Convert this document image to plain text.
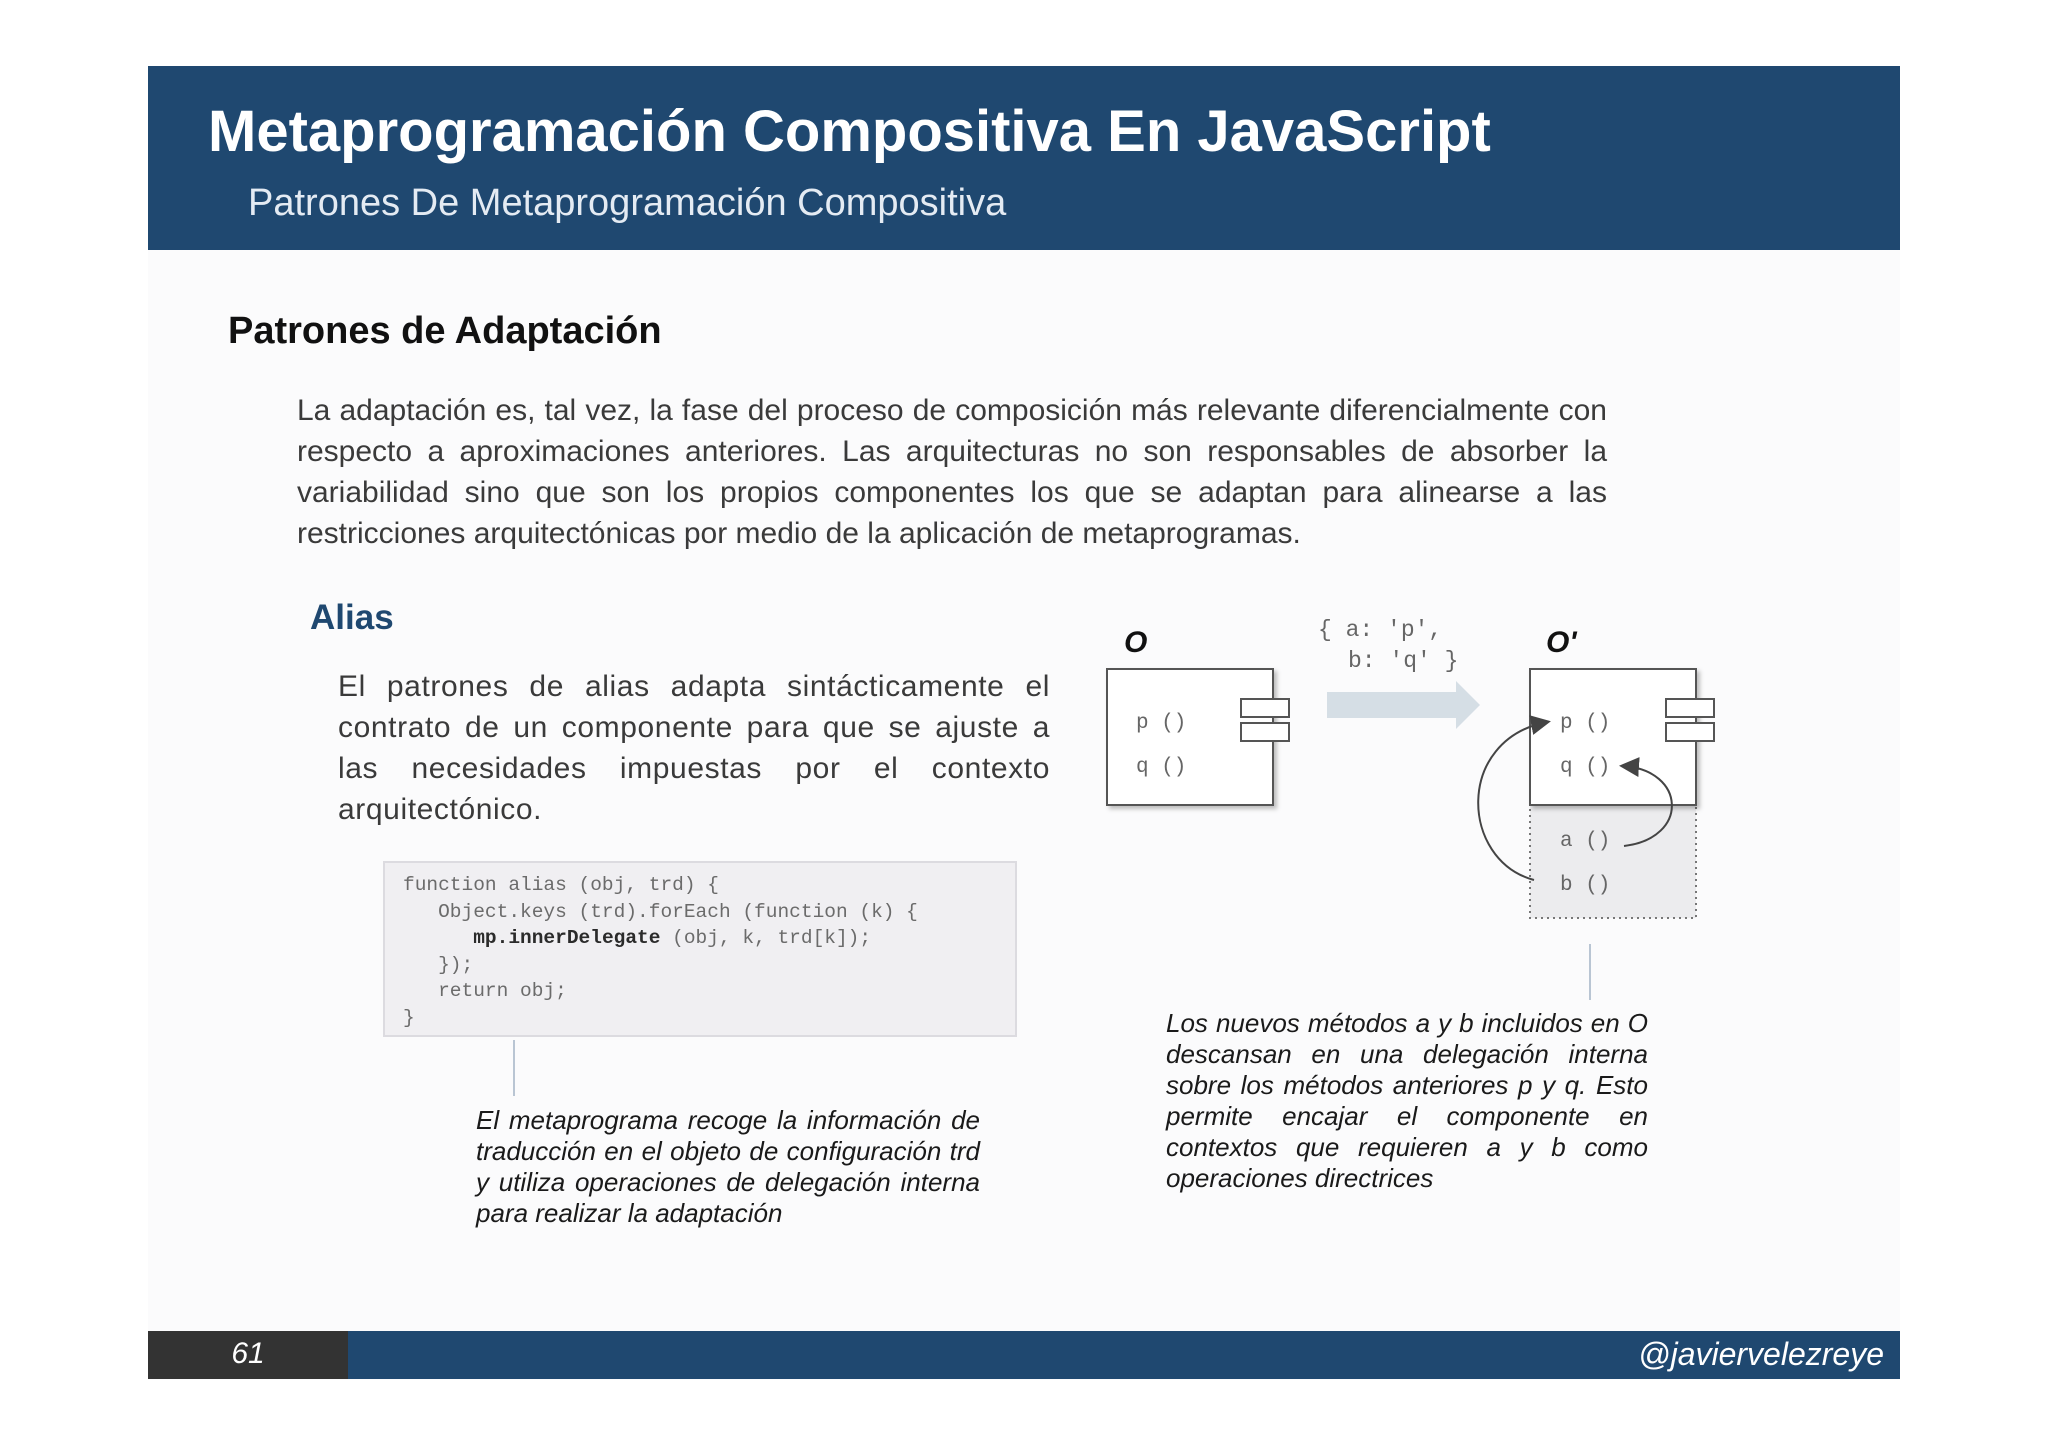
Metaprogramación Compositiva En JavaScript
Patrones De Metaprogramación Compositiva
Patrones de Adaptación
La adaptación es, tal vez, la fase del proceso de composición más relevante diferencialmente con respecto a aproximaciones anteriores. Las arquitecturas no son responsables de absorber la variabilidad sino que son los propios componentes los que se adaptan para alinearse a las restricciones arquitectónicas por medio de la aplicación de metaprogramas.
Alias
El patrones de alias adapta sintácticamente el contrato de un componente para que se ajuste a las necesidades impuestas por el contexto arquitectónico.
function alias (obj, trd) {
Object.keys (trd).forEach (function (k) {
mp.innerDelegate (obj, k, trd[k]);
});
return obj;
}
El metaprograma recoge la información de traducción en el objeto de configuración trd y utiliza operaciones de delegación interna para realizar la adaptación
Los nuevos métodos a y b incluidos en O descansan en una delegación interna sobre los métodos anteriores p y q. Esto permite encajar el componente en contextos que requieren a y b como operaciones directrices
O
p ()
q ()
{ a: 'p',
b: 'q' }
O'
p ()
q ()
a ()
b ()
61	@javiervelezreye
